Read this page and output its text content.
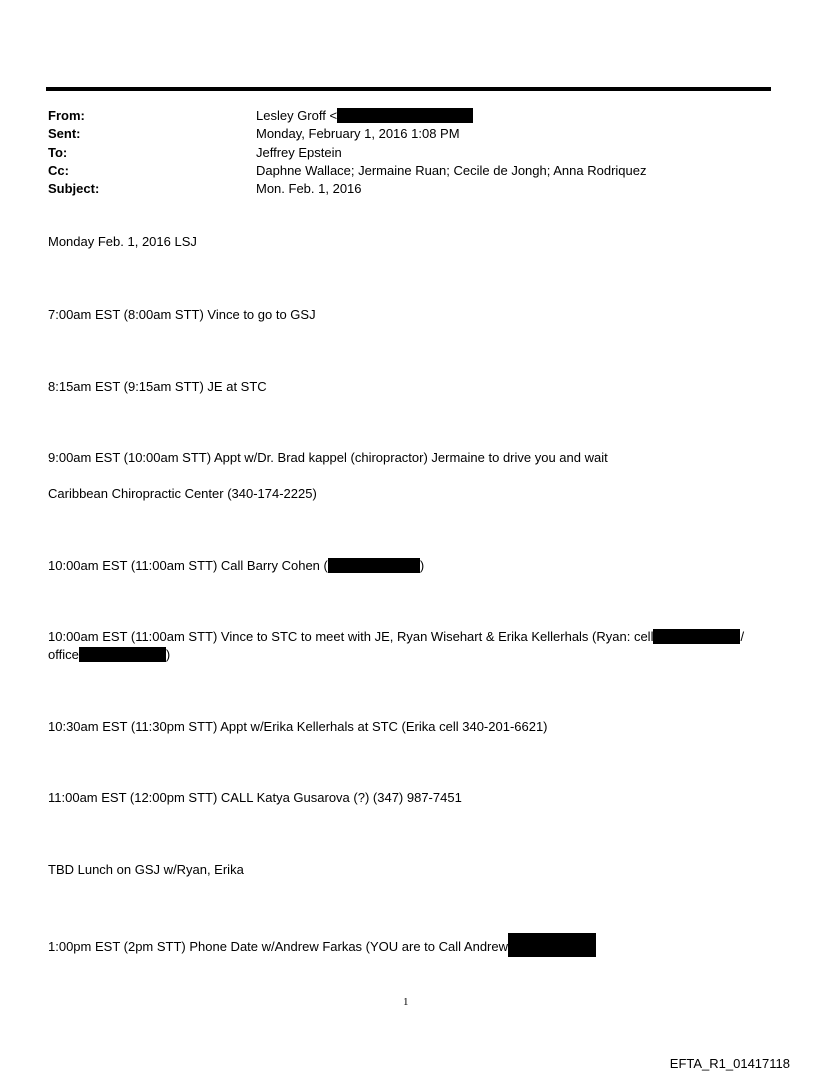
From:	Lesley Groff <
Sent:	Monday, February 1, 2016 1:08 PM
To:	Jeffrey Epstein
Cc:	Daphne Wallace; Jermaine Ruan; Cecile de Jongh; Anna Rodriquez
Subject:	Mon. Feb. 1, 2016
Monday Feb. 1, 2016 LSJ
7:00am EST (8:00am STT) Vince to go to GSJ
8:15am EST (9:15am STT) JE at STC
9:00am EST (10:00am STT) Appt w/Dr. Brad kappel (chiropractor) Jermaine to drive you and wait
Caribbean Chiropractic Center (340-174-2225)
10:00am EST (11:00am STT) Call Barry Cohen (	)
10:00am EST (11:00am STT) Vince to STC to meet with JE, Ryan Wisehart & Erika Kellerhals (Ryan: cell	/
office	)
10:30am EST (11:30pm STT) Appt w/Erika Kellerhals at STC (Erika cell 340-201-6621)
11:00am EST (12:00pm STT) CALL Katya Gusarova (?) (347) 987-7451
TBD Lunch on GSJ w/Ryan, Erika
1:00pm EST (2pm STT) Phone Date w/Andrew Farkas (YOU are to Call Andrew
1
EFTA_R1_01417118
